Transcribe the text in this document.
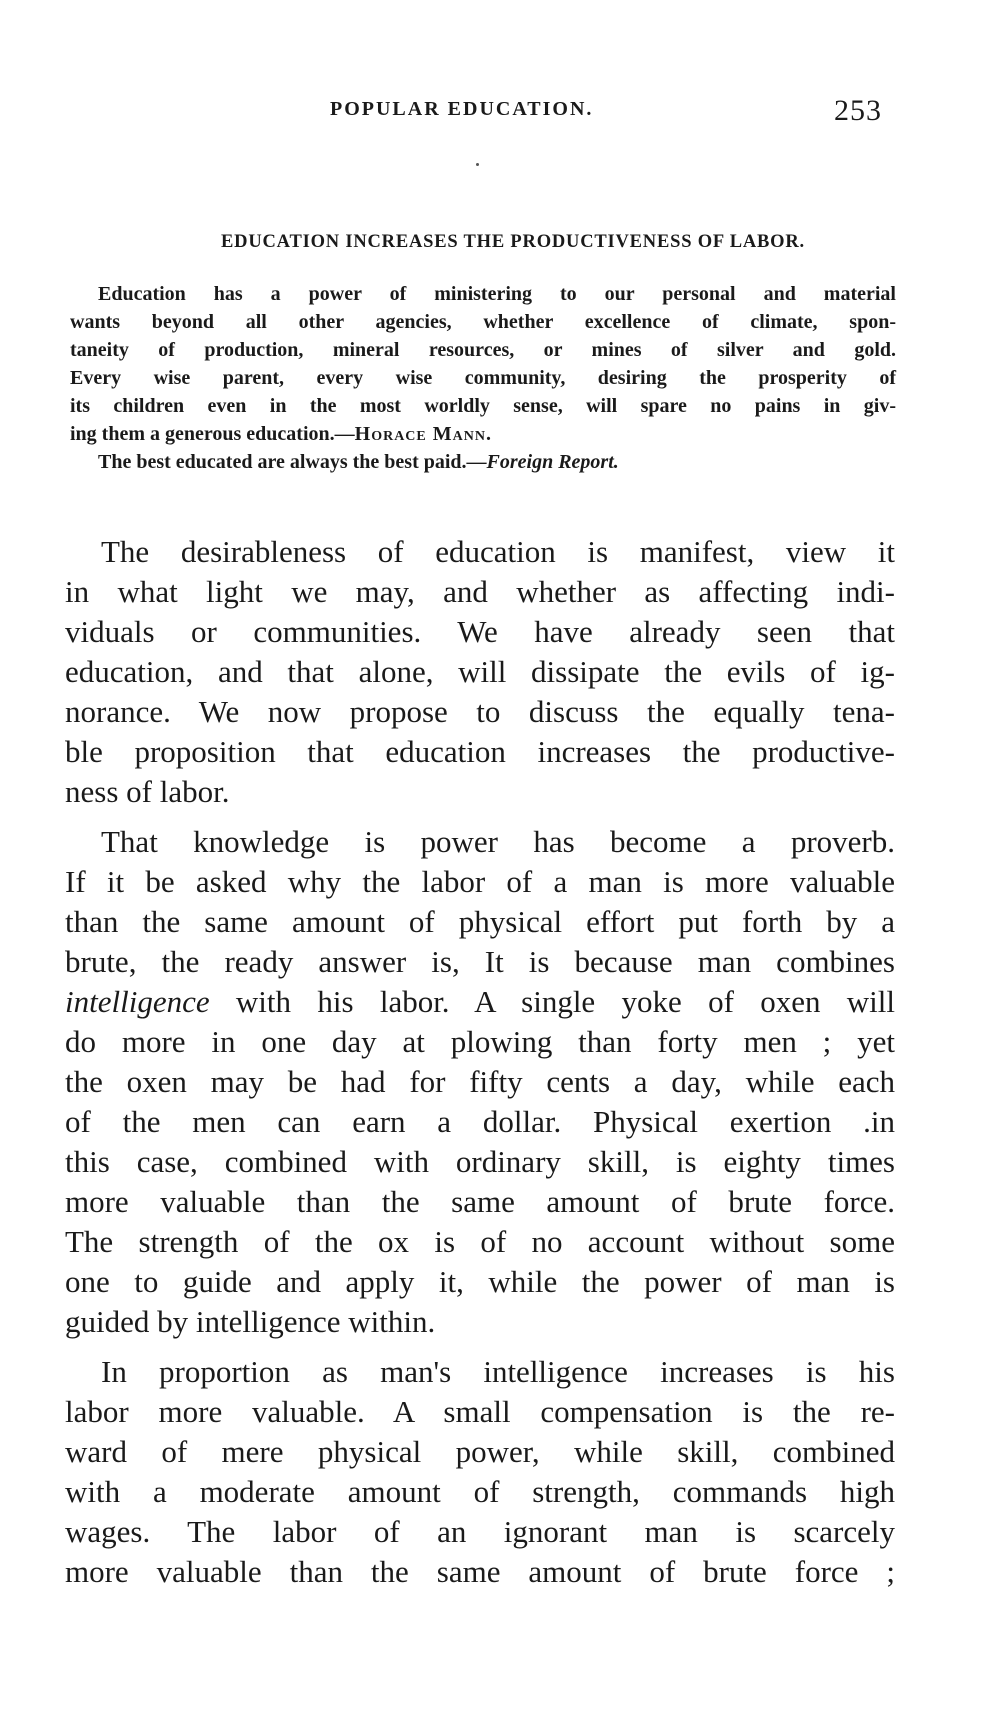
POPULAR EDUCATION.	253
EDUCATION INCREASES THE PRODUCTIVENESS OF LABOR.
Education has a power of ministering to our personal and material
wants beyond all other agencies, whether excellence of climate, spon-
taneity of production, mineral resources, or mines of silver and gold.
Every wise parent, every wise community, desiring the prosperity of
its children even in the most worldly sense, will spare no pains in giv-
ing them a generous education.—Horace Mann.
The best educated are always the best paid.—Foreign Report.
The desirableness of education is manifest, view it
in what light we may, and whether as affecting indi-
viduals or communities. We have already seen that
education, and that alone, will dissipate the evils of ig-
norance. We now propose to discuss the equally tena-
ble proposition that education increases the productive-
ness of labor.
That knowledge is power has become a proverb.
If it be asked why the labor of a man is more valuable
than the same amount of physical effort put forth by a
brute, the ready answer is, It is because man combines
intelligence with his labor. A single yoke of oxen will
do more in one day at plowing than forty men ; yet
the oxen may be had for fifty cents a day, while each
of the men can earn a dollar. Physical exertion .in
this case, combined with ordinary skill, is eighty times
more valuable than the same amount of brute force.
The strength of the ox is of no account without some
one to guide and apply it, while the power of man is
guided by intelligence within.
In proportion as man's intelligence increases is his
labor more valuable. A small compensation is the re-
ward of mere physical power, while skill, combined
with a moderate amount of strength, commands high
wages. The labor of an ignorant man is scarcely
more valuable than the same amount of brute force ;
